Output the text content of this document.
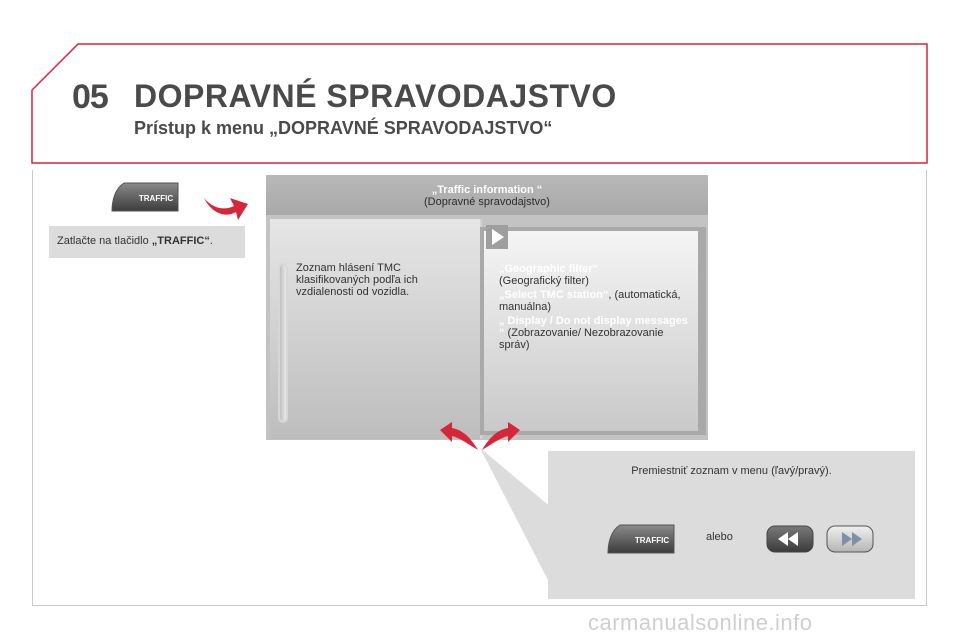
05 DOPRAVNÉ SPRAVODAJSTVO
Prístup k menu „DOPRAVNÉ SPRAVODAJSTVO“
TRAFFIC
Zatlačte na tlačidlo „TRAFFIC“.
„Traffic information “
(Dopravné spravodajstvo)
Zoznam hlásení TMC klasifikovaných podľa ich vzdialenosti od vozidla.

„Geographic filter“
(Geografický filter)

„Select TMC station“, (automatická, manuálna)

„ Display / Do not display messages “ (Zobrazovanie/ Nezobrazovanie správ)

Premiestniť zoznam v menu (ľavý/pravý).
TRAFFIC	alebo
carmanualsonline.info
